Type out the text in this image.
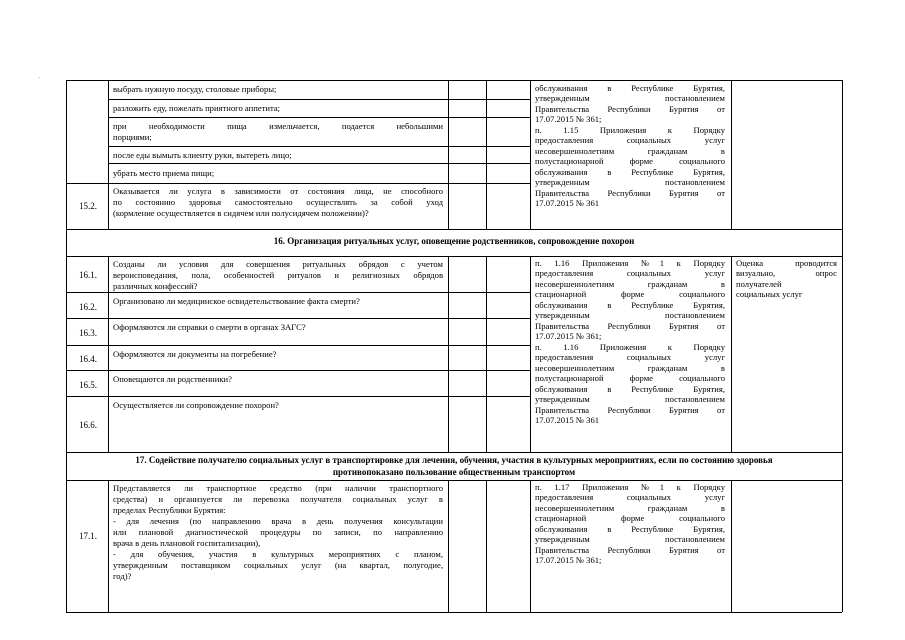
·
выбрать нужную посуду, столовые приборы;
разложить еду, пожелать приятного аппетита;
при необходимости пища измельчается, подается небольшими
порциями;
после еды вымыть клиенту руки, вытереть лицо;
убрать место приема пищи;
15.2.
Оказывается ли услуга в зависимости от состояния лица, не способного
по состоянию здоровья самостоятельно осуществлять за собой уход
(кормление осуществляется в сидячем или полусидячем положении)?
обслуживания в Республике Бурятия,
утвержденным постановлением
Правительства Республики Бурятия от
17.07.2015 № 361;
п. 1.15 Приложения к Порядку
предоставления социальных услуг
несовершеннолетним гражданам в
полустационарной форме социального
обслуживания в Республике Бурятия,
утвержденным постановлением
Правительства Республики Бурятия от
17.07.2015 № 361
16. Организация ритуальных услуг, оповещение родственников, сопровождение похорон
16.1.
Созданы ли условия для совершения ритуальных обрядов с учетом
вероисповедания, пола, особенностей ритуалов и религиозных обрядов
различных конфессий?
16.2.
Организовано ли медицинское освидетельствование факта смерти?
16.3.
Оформляются ли справки о смерти в органах ЗАГС?
16.4.	Оформляются ли документы на погребение?
16.5.
Оповещаются ли родственники?
16.6.
Осуществляется ли сопровождение похорон?
п. 1.16 Приложения №1 к Порядку
предоставления социальных услуг
несовершеннолетним гражданам в
стационарной форме социального
обслуживания в Республике Бурятия,
утвержденным постановлением
Правительства Республики Бурятия от
17.07.2015 № 361;
п. 1.16 Приложения к Порядку
предоставления социальных услуг
несовершеннолетним гражданам в
полустационарной форме социального
обслуживания в Республике Бурятия,
утвержденным постановлением
Правительства Республики Бурятия от
17.07.2015 № 361
Оценка проводится
визуально, опрос
получателей
социальных услуг
17. Содействие получателю социальных услуг в транспортировке для лечения, обучения, участия в культурных мероприятиях, если по состоянию здоровья
противопоказано пользование общественным транспортом
17.1.
Представляется ли транспортное средство (при наличии транспортного
средства) и организуется ли перевозка получателя социальных услуг в
пределах Республики Бурятия:
- для лечения (по направлению врача в день получения консультации
или плановой диагностической процедуры по записи, по направлению
врача в день плановой госпитализации),
- для обучения, участия в культурных мероприятиях с планом,
утвержденным поставщиком социальных услуг (на квартал, полугодие,
год)?
п. 1.17 Приложения №1 к Порядку
предоставления социальных услуг
несовершеннолетним гражданам в
стационарной форме социального
обслуживания в Республике Бурятия,
утвержденным постановлением
Правительства Республики Бурятия от
17.07.2015 № 361;
